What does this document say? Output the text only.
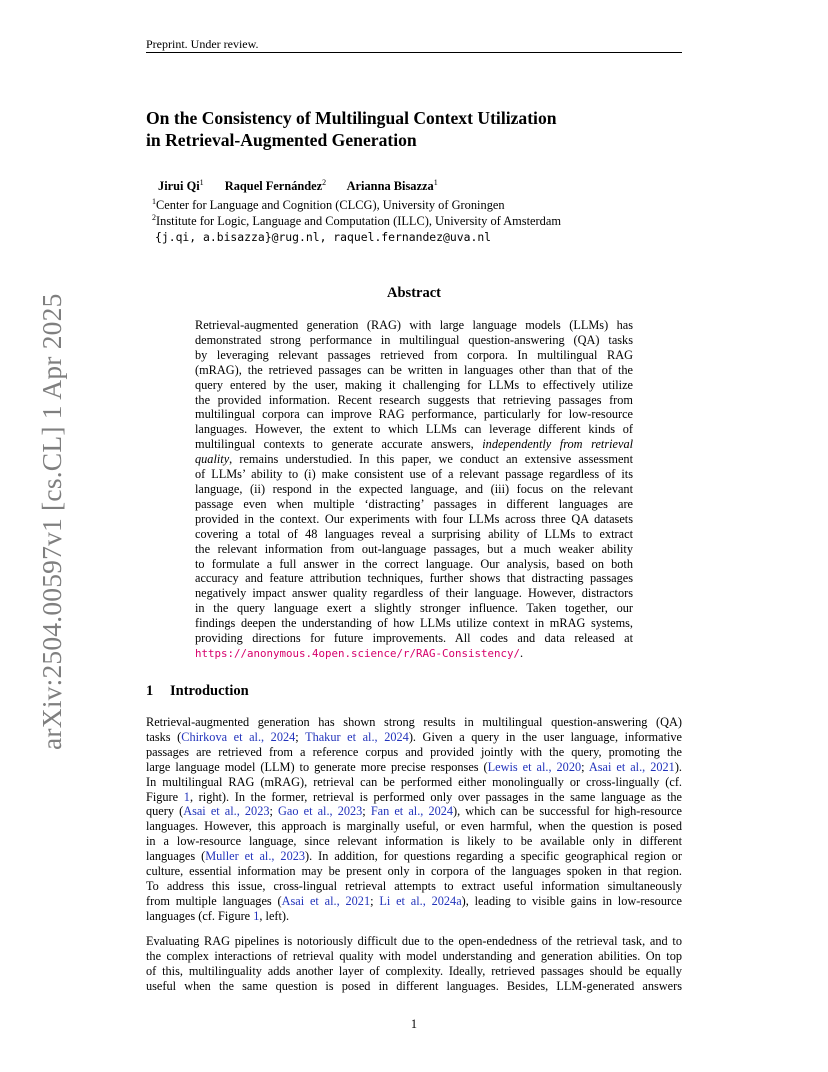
Preprint. Under review.
On the Consistency of Multilingual Context Utilization
in Retrieval-Augmented Generation
Jirui Qi$^1$ Raquel Fernández$^2$ Arianna Bisazza$^1$
$^1$Center for Language and Cognition (CLCG), University of Groningen
$^2$Institute for Logic, Language and Computation (ILLC), University of Amsterdam
{j.qi, a.bisazza}@rug.nl, raquel.fernandez@uva.nl
Abstract
Retrieval-augmented generation (RAG) with large language models (LLMs) has
demonstrated strong performance in multilingual question-answering (QA) tasks
by leveraging relevant passages retrieved from corpora. In multilingual RAG
(mRAG), the retrieved passages can be written in languages other than that of the
query entered by the user, making it challenging for LLMs to effectively utilize
the provided information. Recent research suggests that retrieving passages from
multilingual corpora can improve RAG performance, particularly for low-resource
languages. However, the extent to which LLMs can leverage different kinds of
multilingual contexts to generate accurate answers, independently from retrieval
quality, remains understudied. In this paper, we conduct an extensive assessment
of LLMs’ ability to (i) make consistent use of a relevant passage regardless of its
language, (ii) respond in the expected language, and (iii) focus on the relevant
passage even when multiple ‘distracting’ passages in different languages are
provided in the context. Our experiments with four LLMs across three QA datasets
covering a total of 48 languages reveal a surprising ability of LLMs to extract
the relevant information from out-language passages, but a much weaker ability
to formulate a full answer in the correct language. Our analysis, based on both
accuracy and feature attribution techniques, further shows that distracting passages
negatively impact answer quality regardless of their language. However, distractors
in the query language exert a slightly stronger influence. Taken together, our
findings deepen the understanding of how LLMs utilize context in mRAG systems,
providing directions for future improvements. All codes and data released at
https://anonymous.4open.science/r/RAG-Consistency/.
1 Introduction
Retrieval-augmented generation has shown strong results in multilingual question-answering (QA)
tasks (Chirkova et al., 2024; Thakur et al., 2024). Given a query in the user language, informative
passages are retrieved from a reference corpus and provided jointly with the query, promoting the
large language model (LLM) to generate more precise responses (Lewis et al., 2020; Asai et al., 2021).
In multilingual RAG (mRAG), retrieval can be performed either monolingually or cross-lingually (cf.
Figure 1, right). In the former, retrieval is performed only over passages in the same language as the
query (Asai et al., 2023; Gao et al., 2023; Fan et al., 2024), which can be successful for high-resource
languages. However, this approach is marginally useful, or even harmful, when the question is posed
in a low-resource language, since relevant information is likely to be available only in different
languages (Muller et al., 2023). In addition, for questions regarding a specific geographical region or
culture, essential information may be present only in corpora of the languages spoken in that region.
To address this issue, cross-lingual retrieval attempts to extract useful information simultaneously
from multiple languages (Asai et al., 2021; Li et al., 2024a), leading to visible gains in low-resource
languages (cf. Figure 1, left).
Evaluating RAG pipelines is notoriously difficult due to the open-endedness of the retrieval task, and to
the complex interactions of retrieval quality with model understanding and generation abilities. On top
of this, multilinguality adds another layer of complexity. Ideally, retrieved passages should be equally
useful when the same question is posed in different languages. Besides, LLM-generated answers
1
arXiv:2504.00597v1 [cs.CL] 1 Apr 2025
